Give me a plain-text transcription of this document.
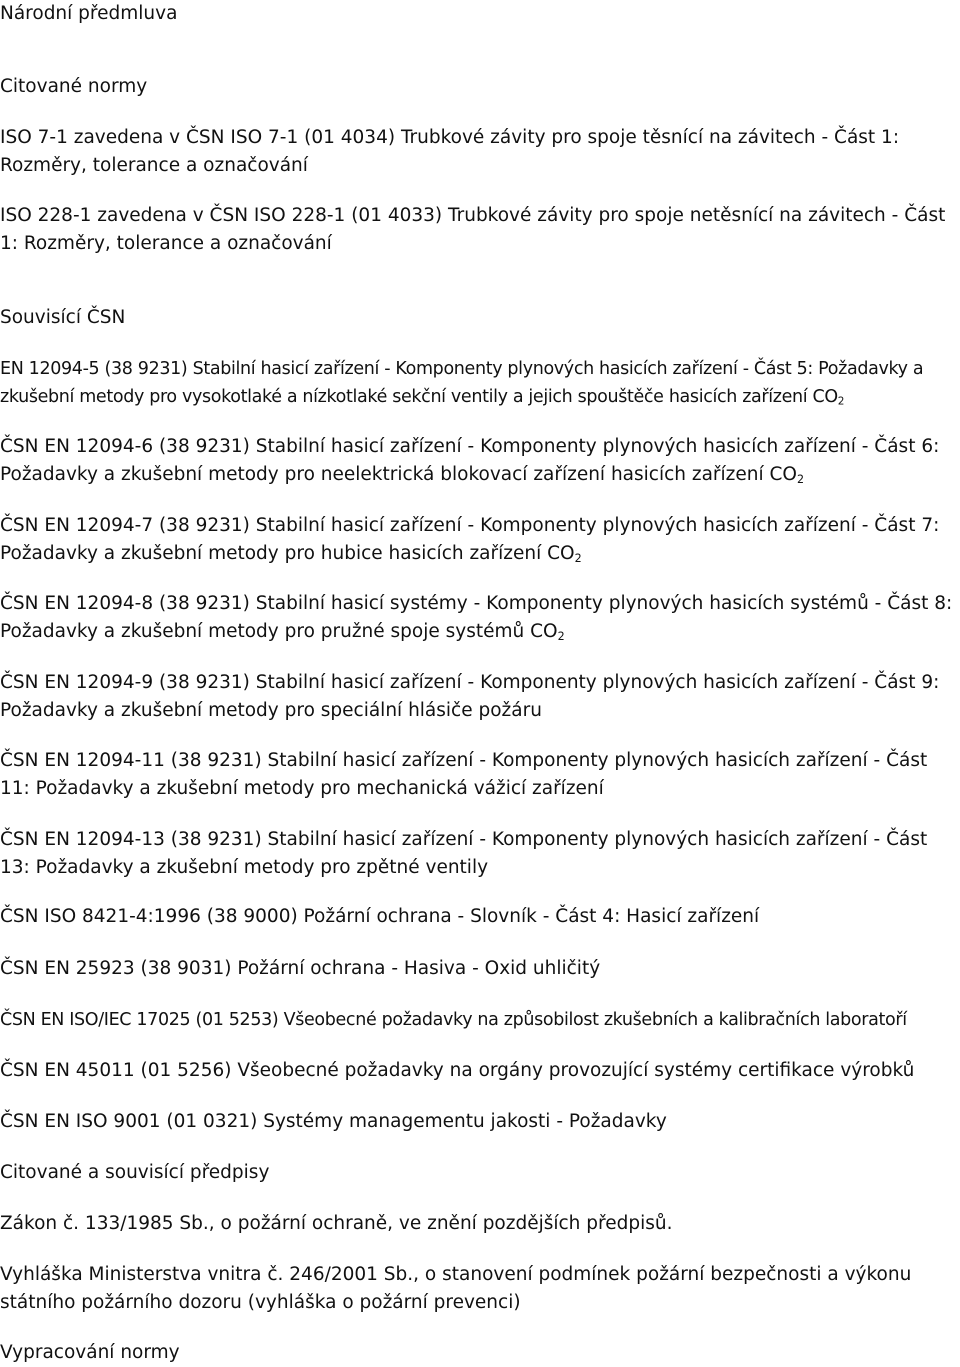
Národní předmluva
Citované normy
ISO 7-1 zavedena v ČSN ISO 7-1 (01 4034) Trubkové závity pro spoje těsnící na závitech - Část 1: Rozměry, tolerance a označování
ISO 228-1 zavedena v ČSN ISO 228-1 (01 4033) Trubkové závity pro spoje netěsnící na závitech - Část 1: Rozměry, tolerance a označování
Souvisící ČSN
EN 12094-5 (38 9231) Stabilní hasicí zařízení - Komponenty plynových hasicích zařízení - Část 5: Požadavky a zkušební metody pro vysokotlaké a nízkotlaké sekční ventily a jejich spouštěče hasicích zařízení $CO_2$
ČSN EN 12094-6 (38 9231) Stabilní hasicí zařízení - Komponenty plynových hasicích zařízení - Část 6: Požadavky a zkušební metody pro neelektrická blokovací zařízení hasicích zařízení $CO_2$
ČSN EN 12094-7 (38 9231) Stabilní hasicí zařízení - Komponenty plynových hasicích zařízení - Část 7: Požadavky a zkušební metody pro hubice hasicích zařízení $CO_2$
ČSN EN 12094-8 (38 9231) Stabilní hasicí systémy - Komponenty plynových hasicích systémů - Část 8: Požadavky a zkušební metody pro pružné spoje systémů $CO_2$
ČSN EN 12094-9 (38 9231) Stabilní hasicí zařízení - Komponenty plynových hasicích zařízení - Část 9: Požadavky a zkušební metody pro speciální hlásiče požáru
ČSN EN 12094-11 (38 9231) Stabilní hasicí zařízení - Komponenty plynových hasicích zařízení - Část 11: Požadavky a zkušební metody pro mechanická vážicí zařízení
ČSN EN 12094-13 (38 9231) Stabilní hasicí zařízení - Komponenty plynových hasicích zařízení - Část 13: Požadavky a zkušební metody pro zpětné ventily
ČSN ISO 8421-4:1996 (38 9000) Požární ochrana - Slovník - Část 4: Hasicí zařízení
ČSN EN 25923 (38 9031) Požární ochrana - Hasiva - Oxid uhličitý
ČSN EN ISO/IEC 17025 (01 5253) Všeobecné požadavky na způsobilost zkušebních a kalibračních laboratoří
ČSN EN 45011 (01 5256) Všeobecné požadavky na orgány provozující systémy certifikace výrobků
ČSN EN ISO 9001 (01 0321) Systémy managementu jakosti - Požadavky
Citované a souvisící předpisy
Zákon č. 133/1985 Sb., o požární ochraně, ve znění pozdějších předpisů.
Vyhláška Ministerstva vnitra č. 246/2001 Sb., o stanovení podmínek požární bezpečnosti a výkonu státního požárního dozoru (vyhláška o požární prevenci)
Vypracování normy
